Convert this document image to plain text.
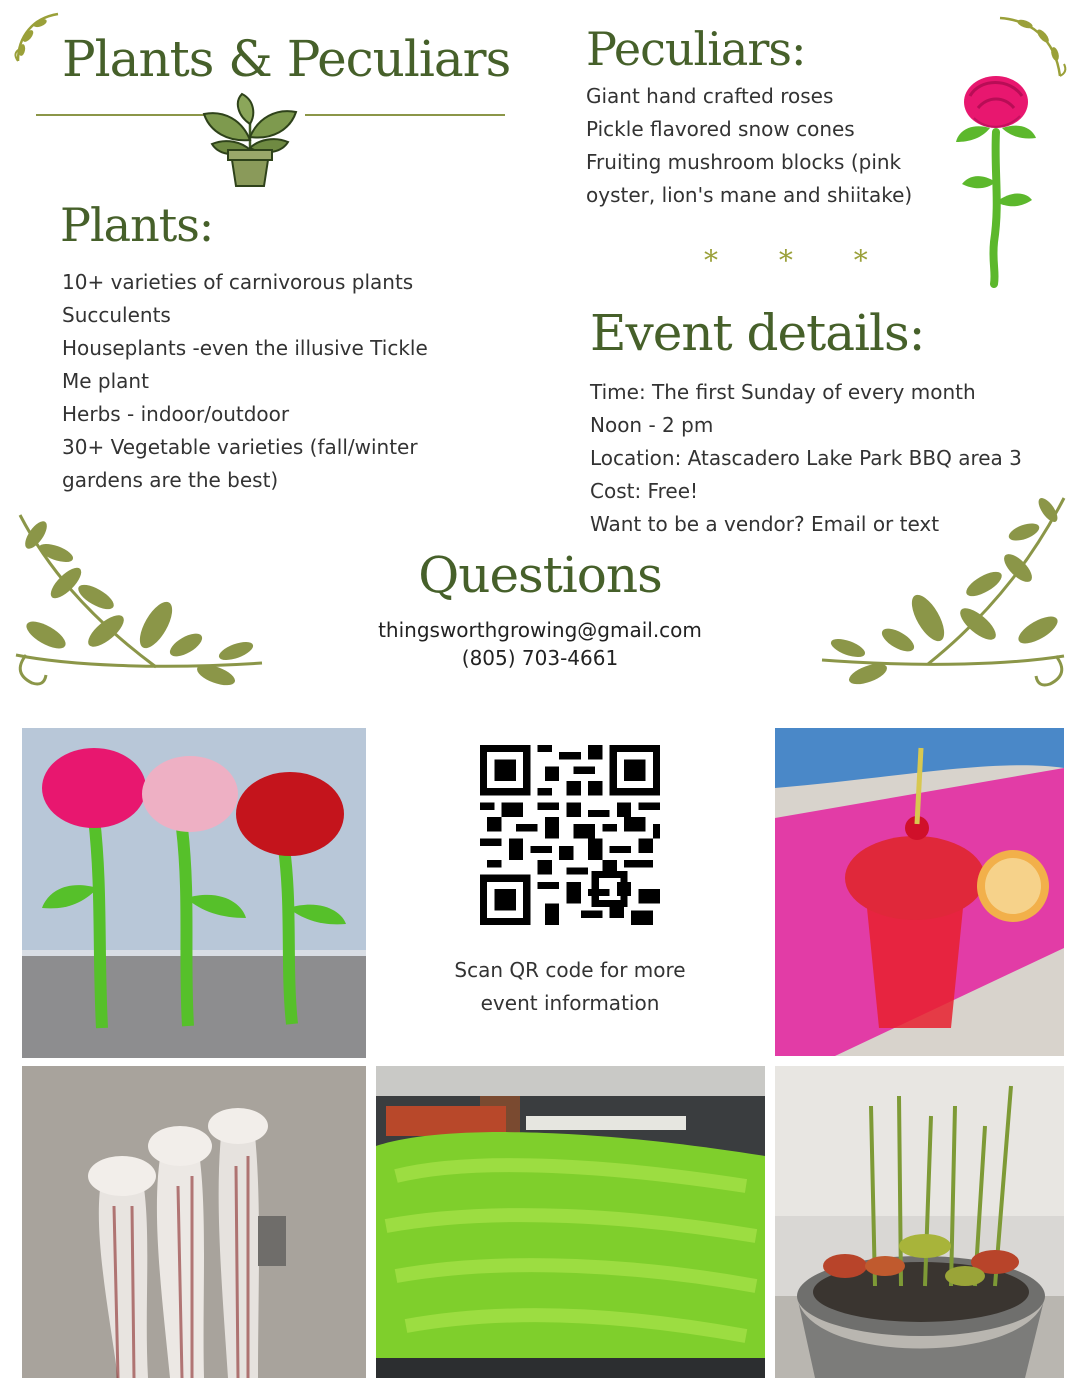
Plants & Peculiars
Plants:
10+ varieties of carnivorous plants
Succulents
Houseplants -even the illusive Tickle
Me plant
Herbs - indoor/outdoor
30+ Vegetable varieties (fall/winter
gardens are the best)
Peculiars:
Giant hand crafted roses
Pickle flavored snow cones
Fruiting mushroom blocks (pink
oyster, lion's mane and shiitake)
* * *
Event details:
Time: The first Sunday of every month
Noon - 2 pm
Location: Atascadero Lake Park BBQ area 3
Cost: Free!
Want to be a vendor? Email or text
Questions
thingsworthgrowing@gmail.com
(805) 703-4661
Scan QR code for more
event information
